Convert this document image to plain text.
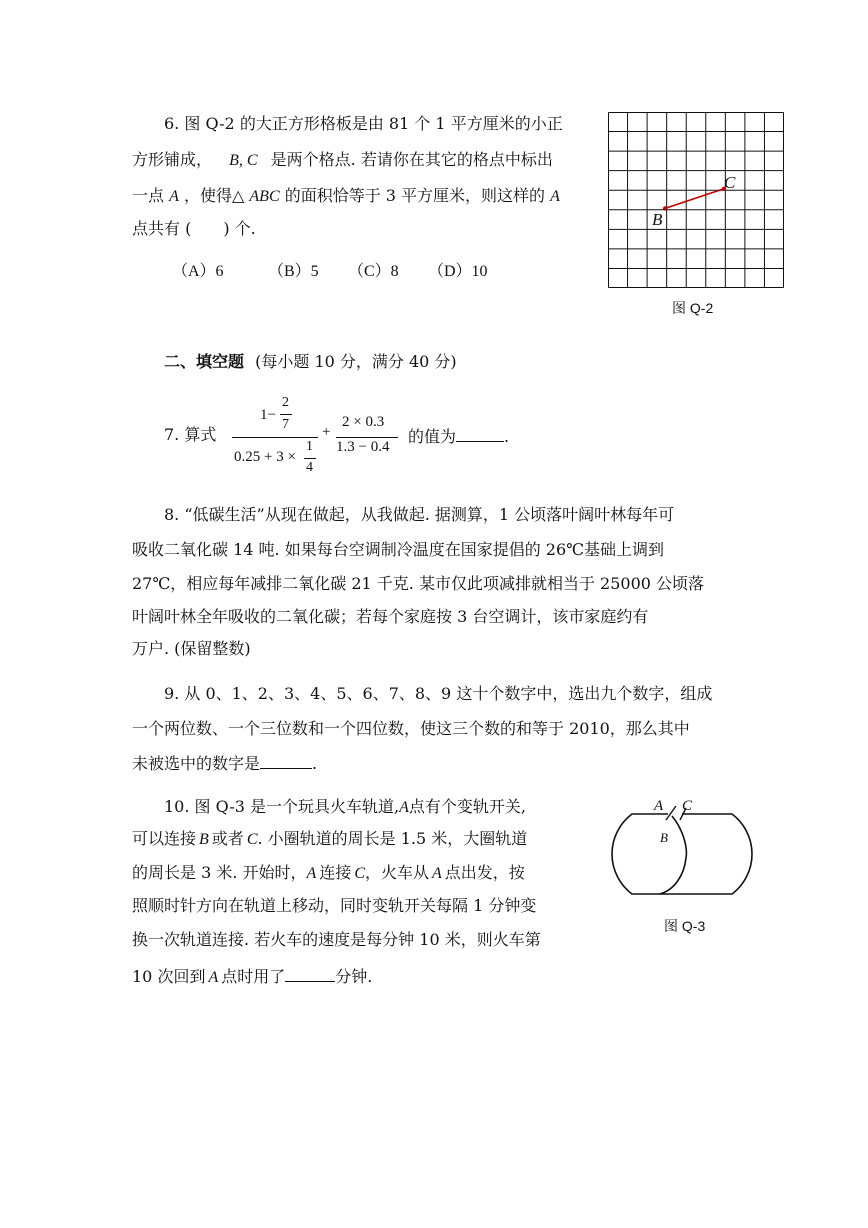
6. 图 Q-2 的大正方形格板是由 81 个 1 平方厘米的小正
方形铺成， B, C 是两个格点. 若请你在其它的格点中标出
一点 A ，使得△ ABC 的面积恰等于 3 平方厘米，则这样的 A
点共有 (　　) 个.
（A）6	（B）5 （C）8 （D）10
B
C
图 Q-2
二、填空题 (每小题 10 分，满分 40 分)
7. 算式
1−
2
7
0.25 + 3 ×
1
4
+
2 × 0.3
1.3 − 0.4
的值为	.
8. “低碳生活”从现在做起，从我做起. 据测算，1 公顷落叶阔叶林每年可
吸收二氧化碳 14 吨. 如果每台空调制冷温度在国家提倡的 26℃基础上调到
27℃，相应每年减排二氧化碳 21 千克. 某市仅此项减排就相当于 25000 公顷落
叶阔叶林全年吸收的二氧化碳；若每个家庭按 3 台空调计，该市家庭约有
万户. (保留整数)
9. 从 0、1、2、3、4、5、6、7、8、9 这十个数字中，选出九个数字，组成
一个两位数、一个三位数和一个四位数，使这三个数的和等于 2010，那么其中
未被选中的数字是	.
10. 图 Q-3 是一个玩具火车轨道,A点有个变轨开关,
可以连接 B 或者 C. 小圈轨道的周长是 1.5 米，大圈轨道
的周长是 3 米. 开始时，A 连接 C，火车从 A 点出发，按
照顺时针方向在轨道上移动，同时变轨开关每隔 1 分钟变
换一次轨道连接. 若火车的速度是每分钟 10 米，则火车第
10 次回到 A 点时用了	分钟.
A C
B
图 Q-3
